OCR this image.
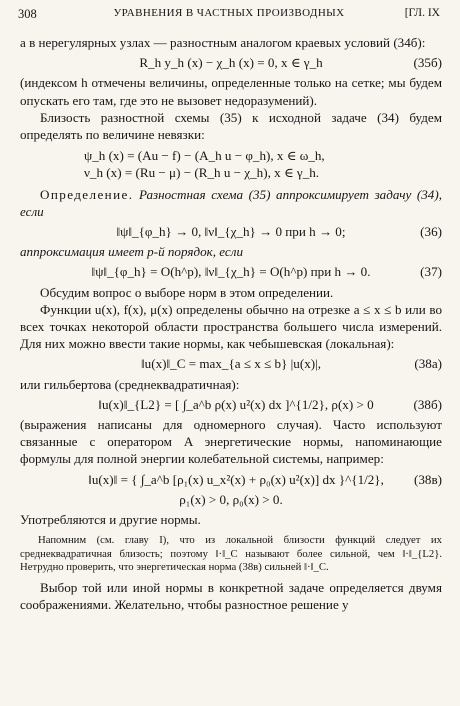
308	УРАВНЕНИЯ В ЧАСТНЫХ ПРОИЗВОДНЫХ	[ГЛ. IX

а в нерегулярных узлах — разностным аналогом краевых условий (34б):

R_h y_h (x) − χ_h (x) = 0, x ∈ γ_h	(35б)

(индексом h отмечены величины, определенные только на сетке; мы будем опускать его там, где это не вызовет недоразумений).

Близость разностной схемы (35) к исходной задаче (34) будем определять по величине невязки:

ψ_h (x) = (Au − f) − (A_h u − φ_h), x ∈ ω_h,
ν_h (x) = (Ru − μ) − (R_h u − χ_h), x ∈ γ_h.

Определение. Разностная схема (35) аппроксимирует задачу (34), если

‖ψ‖_{φ_h} → 0, ‖ν‖_{χ_h} → 0 при h → 0;	(36)

аппроксимация имеет p-й порядок, если

‖ψ‖_{φ_h} = O(h^p), ‖ν‖_{χ_h} = O(h^p) при h → 0.	(37)

Обсудим вопрос о выборе норм в этом определении.

Функции u(x), f(x), μ(x) определены обычно на отрезке a ≤ x ≤ b или во всех точках некоторой области пространства большего числа измерений. Для них можно ввести такие нормы, как чебышевская (локальная):

‖u(x)‖_C = max_{a ≤ x ≤ b} |u(x)|,	(38а)

или гильбертова (среднеквадратичная):

‖u(x)‖_{L2} = [ ∫_a^b ρ(x) u²(x) dx ]^{1/2}, ρ(x) > 0	(38б)

(выражения написаны для одномерного случая). Часто используют связанные с оператором A энергетические нормы, напоминающие формулы для полной энергии колебательной системы, например:

‖u(x)‖ = { ∫_a^b [ρ₁(x) u_x²(x) + ρ₀(x) u²(x)] dx }^{1/2}, (38в)
ρ₁(x) > 0, ρ₀(x) > 0.

Употребляются и другие нормы.

Напомним (см. главу I), что из локальной близости функций следует их среднеквадратичная близость; поэтому ‖·‖_C называют более сильной, чем ‖·‖_{L2}. Нетрудно проверить, что энергетическая норма (38в) сильней ‖·‖_C.

Выбор той или иной нормы в конкретной задаче определяется двумя соображениями. Желательно, чтобы разностное решение y
